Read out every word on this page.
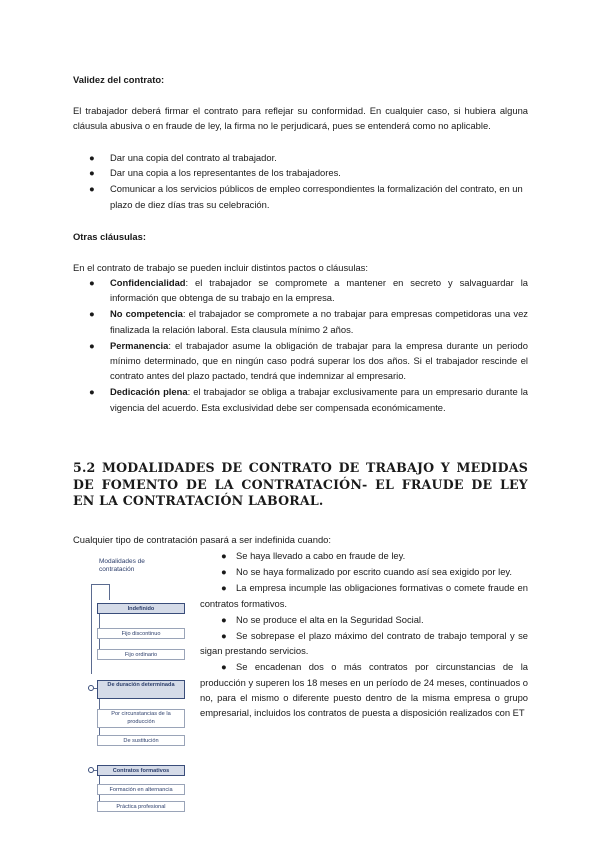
Validez del contrato:

El trabajador deberá firmar el contrato para reflejar su conformidad. En cualquier caso, si hubiera alguna cláusula abusiva o en fraude de ley, la firma no le perjudicará, pues se entenderá como no aplicable.

● Dar una copia del contrato al trabajador.
● Dar una copia a los representantes de los trabajadores.
● Comunicar a los servicios públicos de empleo correspondientes la formalización del contrato, en un plazo de diez días tras su celebración.

Otras cláusulas:

En el contrato de trabajo se pueden incluir distintos pactos o cláusulas:

● Confidencialidad: el trabajador se compromete a mantener en secreto y salvaguardar la información que obtenga de su trabajo en la empresa.
● No competencia: el trabajador se compromete a no trabajar para empresas competidoras una vez finalizada la relación laboral. Esta clausula mínimo 2 años.
● Permanencia: el trabajador asume la obligación de trabajar para la empresa durante un periodo mínimo determinado, que en ningún caso podrá superar los dos años. Si el trabajador rescinde el contrato antes del plazo pactado, tendrá que indemnizar al empresario.
● Dedicación plena: el trabajador se obliga a trabajar exclusivamente para un empresario durante la vigencia del acuerdo. Esta exclusividad debe ser compensada económicamente.
5.2 MODALIDADES DE CONTRATO DE TRABAJO Y MEDIDAS DE FOMENTO DE LA CONTRATACIÓN- EL FRAUDE DE LEY EN LA CONTRATACIÓN LABORAL.

Cualquier tipo de contratación pasará a ser indefinida cuando:

● Se haya llevado a cabo en fraude de ley.
● No se haya formalizado por escrito cuando así sea exigido por ley.
● La empresa incumple las obligaciones formativas o comete fraude en contratos formativos.
● No se produce el alta en la Seguridad Social.
● Se sobrepase el plazo máximo del contrato de trabajo temporal y se sigan prestando servicios.
● Se encadenan dos o más contratos por circunstancias de la producción y superen los 18 meses en un período de 24 meses, continuados o no, para el mismo o diferente puesto dentro de la misma empresa o grupo empresarial, incluidos los contratos de puesta a disposición realizados con ET
Modalidades de contratación
Indefinido
Fijo discontinuo
Fijo ordinario
De duración determinada
Por circunstancias de la producción
De sustitución
Contratos formativos
Formación en alternancia
Práctica profesional
